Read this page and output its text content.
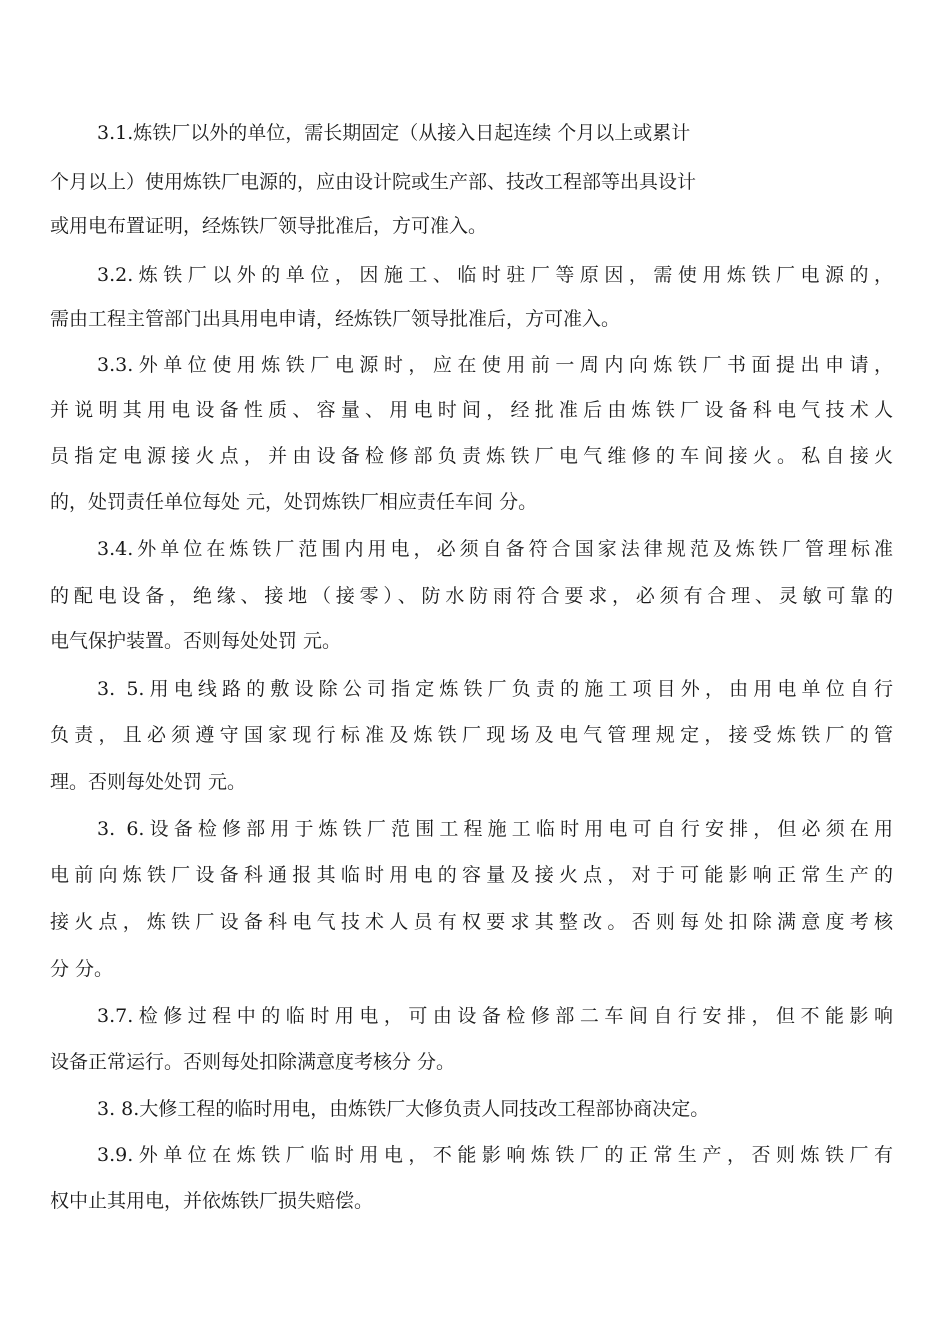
3.1.炼铁厂以外的单位，需长期固定（从接入日起连续 个月以上或累计
个月以上）使用炼铁厂电源的，应由设计院或生产部、技改工程部等出具设计
或用电布置证明，经炼铁厂领导批准后，方可准入。
3.2.炼铁厂以外的单位，因施工、临时驻厂等原因，需使用炼铁厂电源的，
需由工程主管部门出具用电申请，经炼铁厂领导批准后，方可准入。
3.3.外单位使用炼铁厂电源时，应在使用前一周内向炼铁厂书面提出申请，
并说明其用电设备性质、容量、用电时间，经批准后由炼铁厂设备科电气技术人
员指定电源接火点，并由设备检修部负责炼铁厂电气维修的车间接火。私自接火
的，处罚责任单位每处 元，处罚炼铁厂相应责任车间 分。
3.4.外单位在炼铁厂范围内用电，必须自备符合国家法律规范及炼铁厂管理标准
的配电设备，绝缘、接地（接零）、防水防雨符合要求，必须有合理、灵敏可靠的
电气保护装置。否则每处处罚 元。
3. 5.用电线路的敷设除公司指定炼铁厂负责的施工项目外，由用电单位自行
负责，且必须遵守国家现行标准及炼铁厂现场及电气管理规定，接受炼铁厂的管
理。否则每处处罚 元。
3. 6.设备检修部用于炼铁厂范围工程施工临时用电可自行安排，但必须在用
电前向炼铁厂设备科通报其临时用电的容量及接火点，对于可能影响正常生产的
接火点，炼铁厂设备科电气技术人员有权要求其整改。否则每处扣除满意度考核
分 分。
3.7.检修过程中的临时用电，可由设备检修部二车间自行安排，但不能影响
设备正常运行。否则每处扣除满意度考核分 分。
3. 8.大修工程的临时用电，由炼铁厂大修负责人同技改工程部协商决定。
3.9.外单位在炼铁厂临时用电，不能影响炼铁厂的正常生产，否则炼铁厂有
权中止其用电，并依炼铁厂损失赔偿。
